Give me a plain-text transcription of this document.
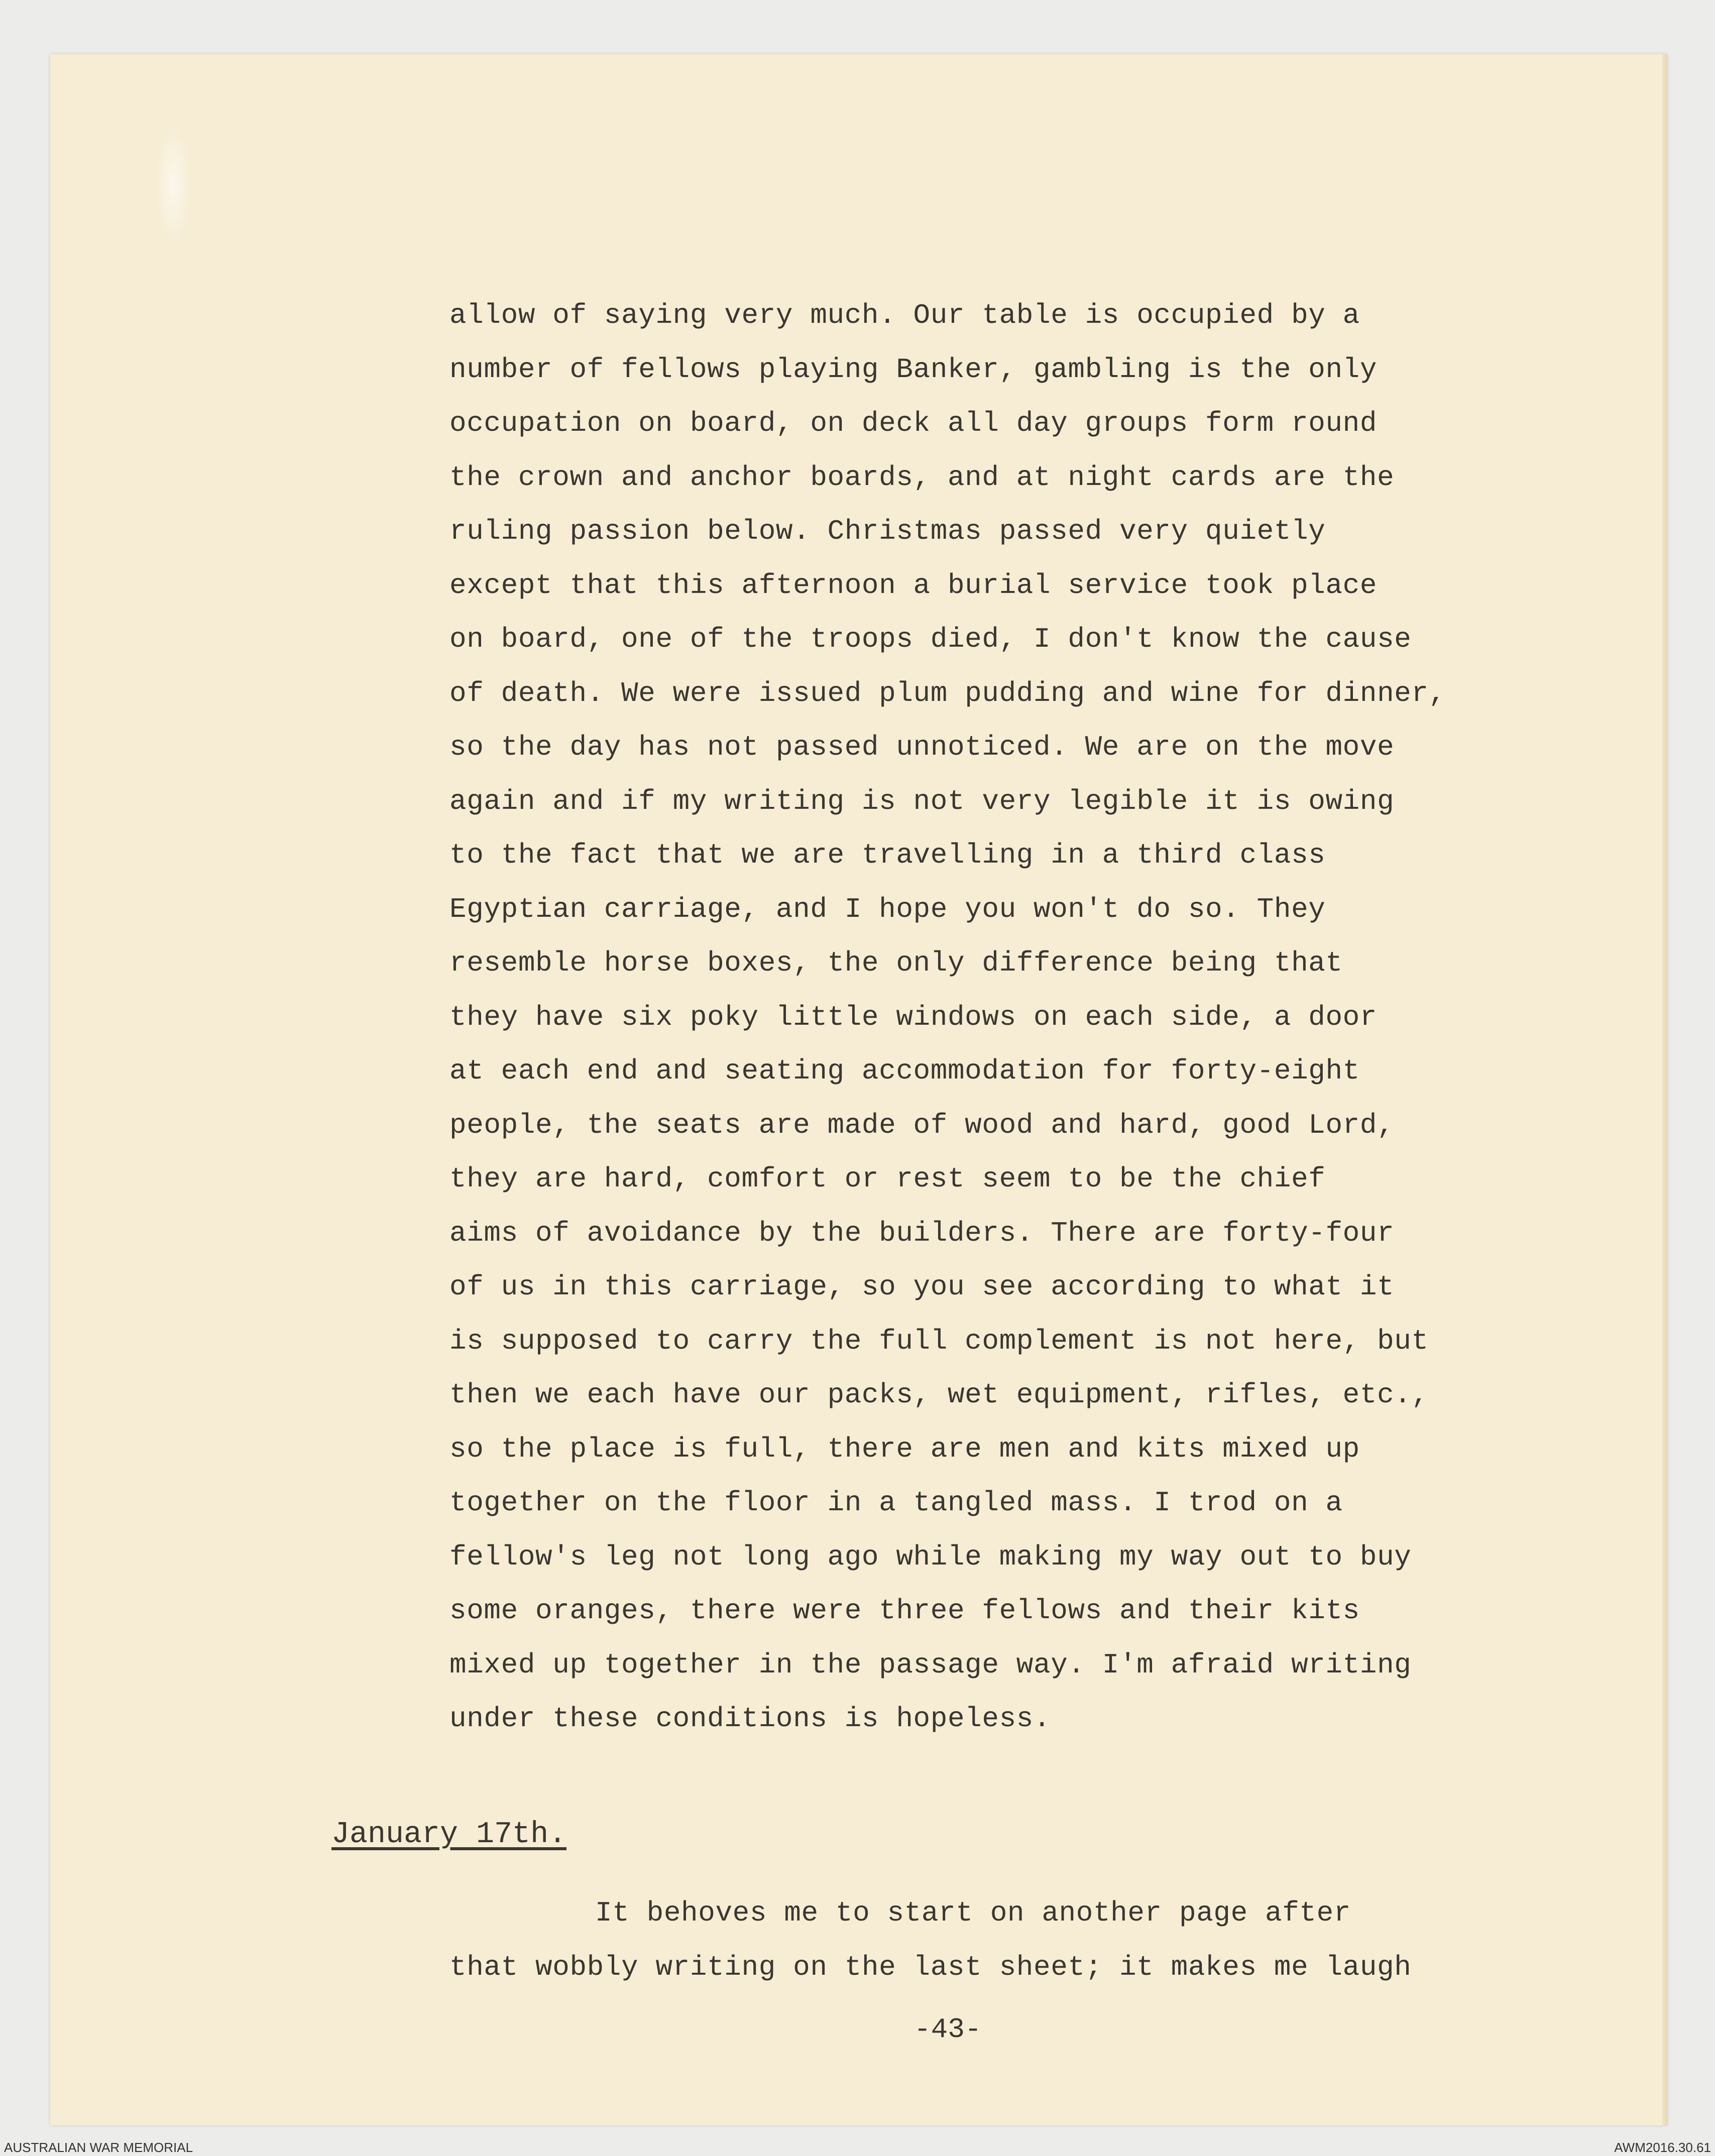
allow of saying very much. Our table is occupied by a
number of fellows playing Banker, gambling is the only
occupation on board, on deck all day groups form round
the crown and anchor boards, and at night cards are the
ruling passion below. Christmas passed very quietly
except that this afternoon a burial service took place
on board, one of the troops died, I don't know the cause
of death. We were issued plum pudding and wine for dinner,
so the day has not passed unnoticed. We are on the move
again and if my writing is not very legible it is owing
to the fact that we are travelling in a third class
Egyptian carriage, and I hope you won't do so. They
resemble horse boxes, the only difference being that
they have six poky little windows on each side, a door
at each end and seating accommodation for forty-eight
people, the seats are made of wood and hard, good Lord,
they are hard, comfort or rest seem to be the chief
aims of avoidance by the builders. There are forty-four
of us in this carriage, so you see according to what it
is supposed to carry the full complement is not here, but
then we each have our packs, wet equipment, rifles, etc.,
so the place is full, there are men and kits mixed up
together on the floor in a tangled mass. I trod on a
fellow's leg not long ago while making my way out to buy
some oranges, there were three fellows and their kits
mixed up together in the passage way. I'm afraid writing
under these conditions is hopeless.
January 17th.
It behoves me to start on another page after
that wobbly writing on the last sheet; it makes me laugh
-43-
AUSTRALIAN WAR MEMORIAL	AWM2016.30.61
